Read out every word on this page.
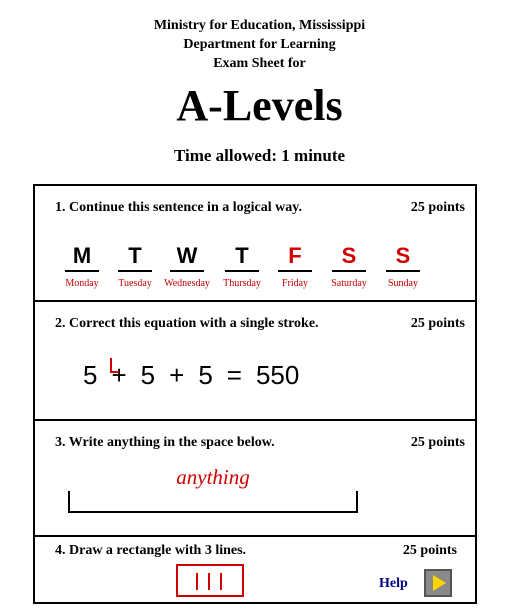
Ministry for Education, Mississippi
Department for Learning
Exam Sheet for
A-Levels
Time allowed: 1 minute
1. Continue this sentence in a logical way.	25 points
M
Monday
T
Tuesday
W
Wednesday
T
Thursday
F
Friday
S
Saturday
S
Sunday
2. Correct this equation with a single stroke.	25 points
5 + 5 + 5 = 550
3. Write anything in the space below.	25 points
anything
4. Draw a rectangle with 3 lines.	25 points
Help
